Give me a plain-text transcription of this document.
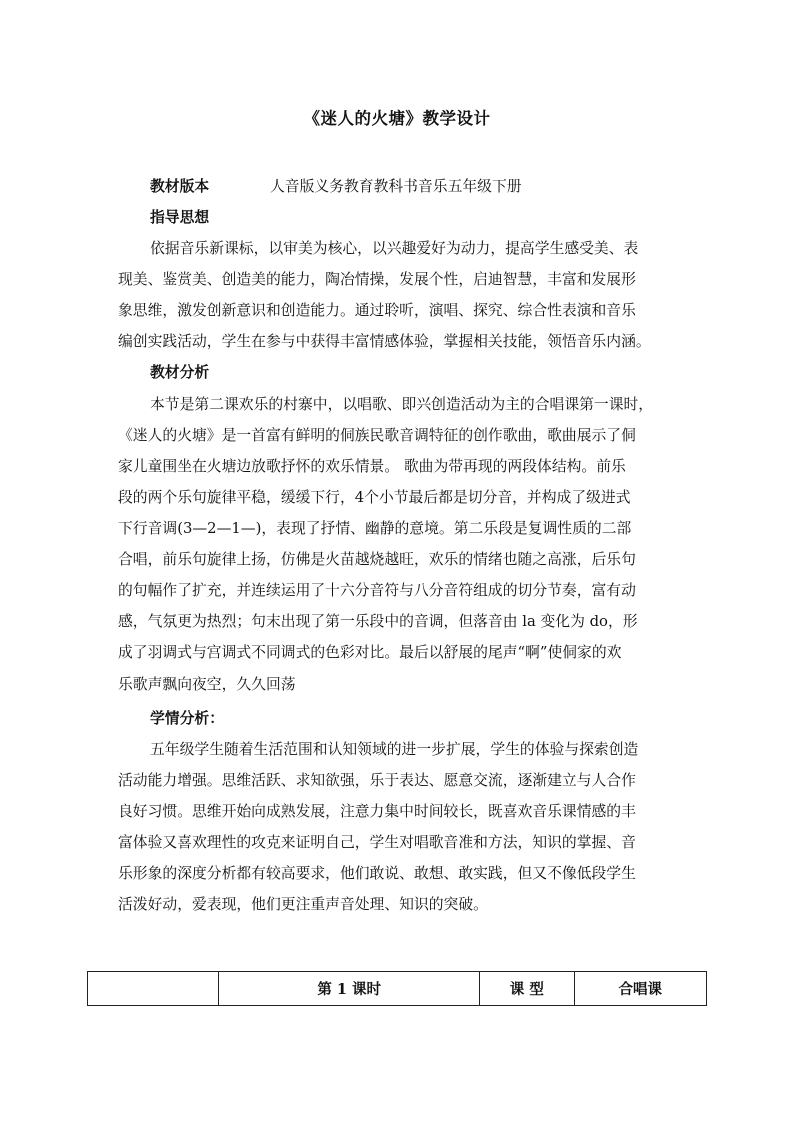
《迷人的火塘》教学设计
教材版本	人音版义务教育教科书音乐五年级下册
指导思想
依据音乐新课标，以审美为核心，以兴趣爱好为动力，提高学生感受美、表
现美、鉴赏美、创造美的能力，陶冶情操，发展个性，启迪智慧，丰富和发展形
象思维，激发创新意识和创造能力。通过聆听，演唱、探究、综合性表演和音乐
编创实践活动，学生在参与中获得丰富情感体验，掌握相关技能，领悟音乐内涵。
教材分析
本节是第二课欢乐的村寨中，以唱歌、即兴创造活动为主的合唱课第一课时，
《迷人的火塘》是一首富有鲜明的侗族民歌音调特征的创作歌曲，歌曲展示了侗
家儿童围坐在火塘边放歌抒怀的欢乐情景。 歌曲为带再现的两段体结构。前乐
段的两个乐句旋律平稳，缓缓下行，4个小节最后都是切分音，并构成了级进式
下行音调(3—2—1—)，表现了抒情、幽静的意境。第二乐段是复调性质的二部
合唱，前乐句旋律上扬，仿佛是火苗越烧越旺，欢乐的情绪也随之高涨，后乐句
的句幅作了扩充，并连续运用了十六分音符与八分音符组成的切分节奏，富有动
感，气氛更为热烈；句末出现了第一乐段中的音调，但落音由 la 变化为 do，形
成了羽调式与宫调式不同调式的色彩对比。最后以舒展的尾声“啊”使侗家的欢
乐歌声飘向夜空，久久回荡
学情分析：
五年级学生随着生活范围和认知领域的进一步扩展，学生的体验与探索创造
活动能力增强。思维活跃、求知欲强，乐于表达、愿意交流，逐渐建立与人合作
良好习惯。思维开始向成熟发展，注意力集中时间较长，既喜欢音乐课情感的丰
富体验又喜欢理性的攻克来证明自己，学生对唱歌音准和方法，知识的掌握、音
乐形象的深度分析都有较高要求，他们敢说、敢想、敢实践，但又不像低段学生
活泼好动，爱表现，他们更注重声音处理、知识的突破。
	第 1 课时	课 型	合唱课
